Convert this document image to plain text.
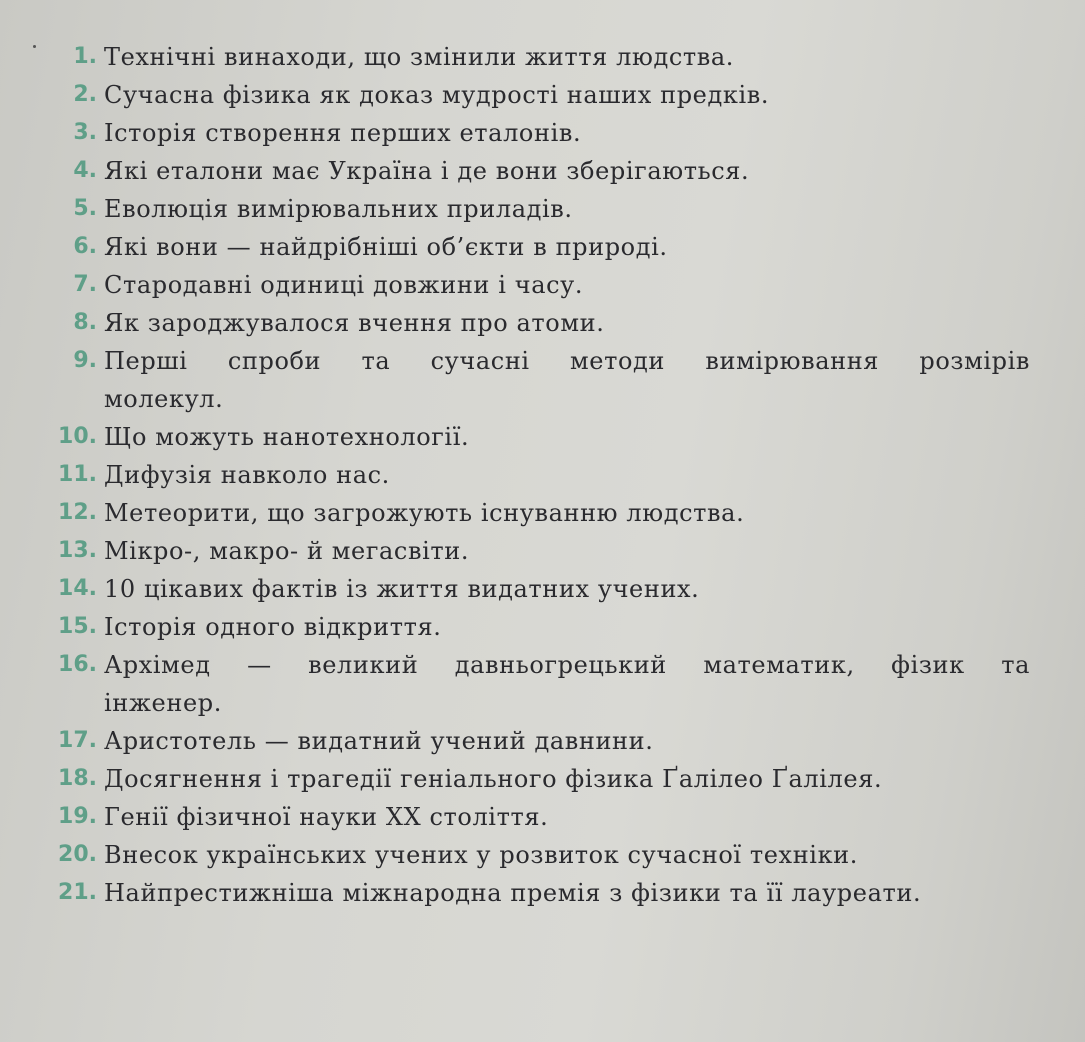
1. Технічні винаходи, що змінили життя людства.
2. Сучасна фізика як доказ мудрості наших предків.
3. Історія створення перших еталонів.
4. Які еталони має Україна і де вони зберігаються.
5. Еволюція вимірювальних приладів.
6. Які вони — найдрібніші об’єкти в природі.
7. Стародавні одиниці довжини і часу.
8. Як зароджувалося вчення про атоми.
9. Перші спроби та сучасні методи вимірювання розмірів молекул.
10. Що можуть нанотехнології.
11. Дифузія навколо нас.
12. Метеорити, що загрожують існуванню людства.
13. Мікро-, макро- й мегасвіти.
14. 10 цікавих фактів із життя видатних учених.
15. Історія одного відкриття.
16. Архімед — великий давньогрецький математик, фізик та інженер.
17. Аристотель — видатний учений давнини.
18. Досягнення і трагедії геніального фізика Ґалілео Ґалілея.
19. Генії фізичної науки XX століття.
20. Внесок українських учених у розвиток сучасної техніки.
21. Найпрестижніша міжнародна премія з фізики та її лауреати.
